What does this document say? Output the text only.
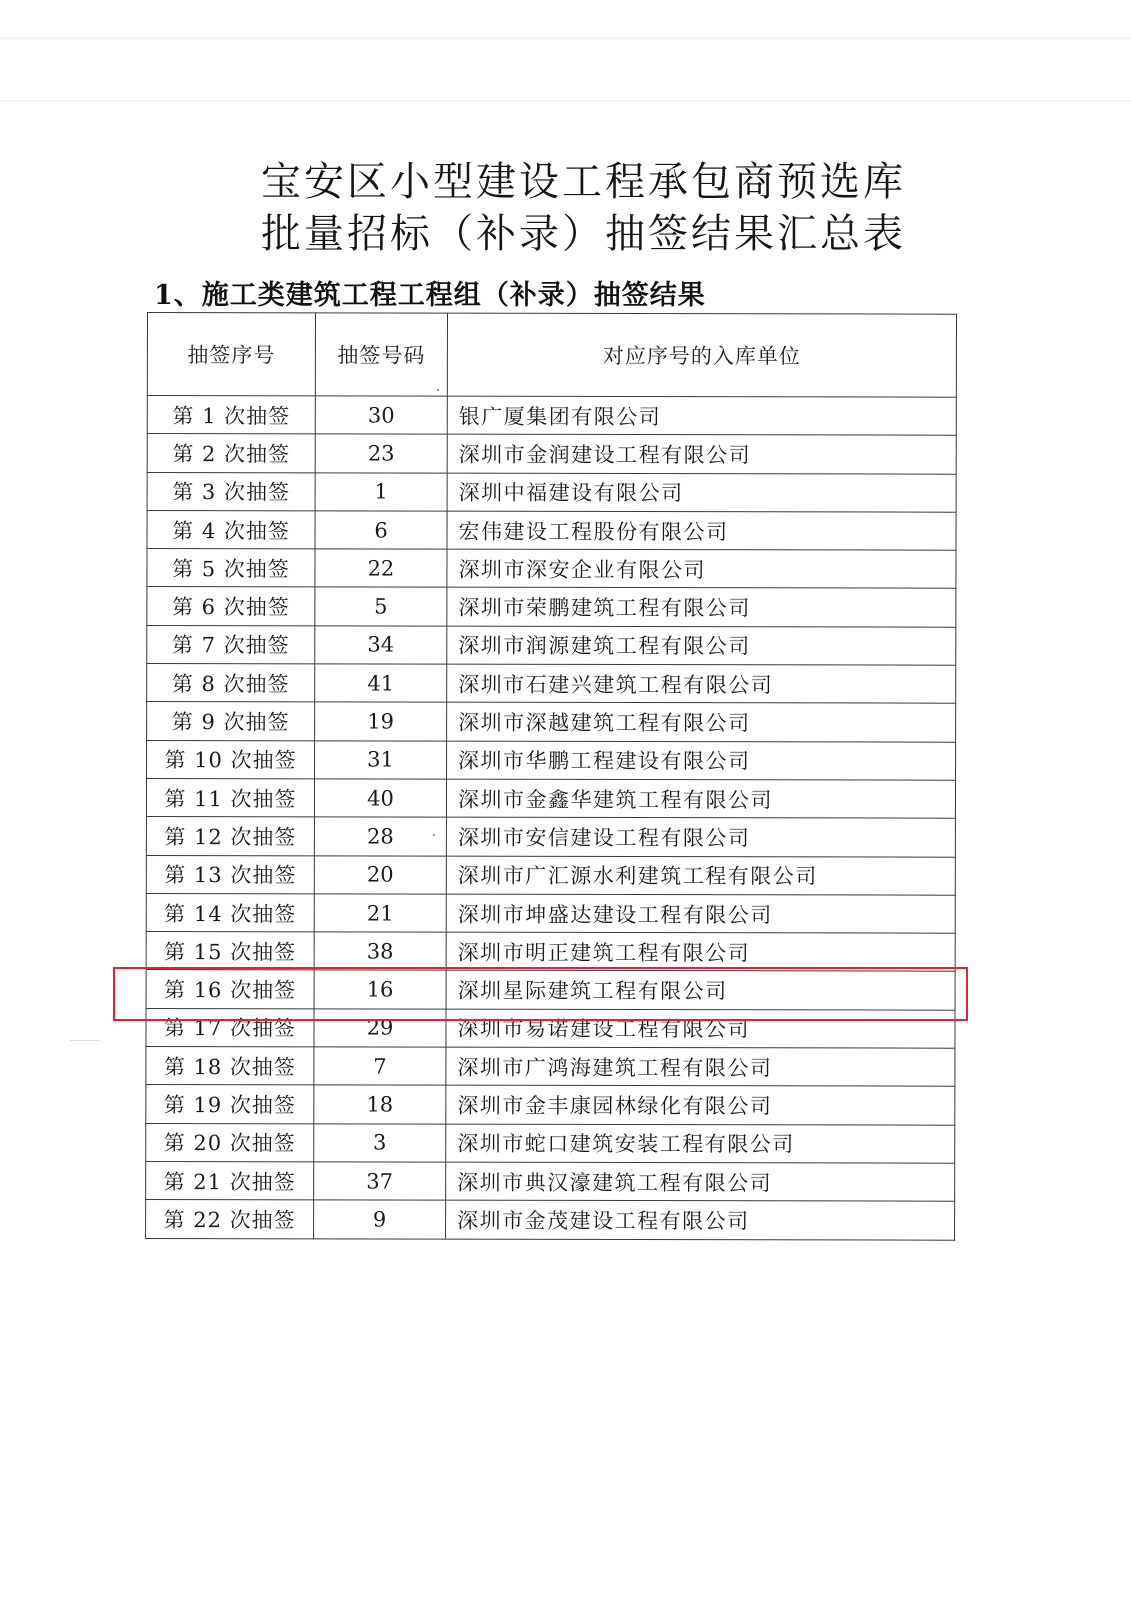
宝安区小型建设工程承包商预选库
批量招标（补录）抽签结果汇总表
1、施工类建筑工程工程组（补录）抽签结果
抽签序号	抽签号码	对应序号的入库单位
第 1 次抽签	30	银广厦集团有限公司
第 2 次抽签	23	深圳市金润建设工程有限公司
第 3 次抽签	1	深圳中福建设有限公司
第 4 次抽签	6	宏伟建设工程股份有限公司
第 5 次抽签	22	深圳市深安企业有限公司
第 6 次抽签	5	深圳市荣鹏建筑工程有限公司
第 7 次抽签	34	深圳市润源建筑工程有限公司
第 8 次抽签	41	深圳市石建兴建筑工程有限公司
第 9 次抽签	19	深圳市深越建筑工程有限公司
第 10 次抽签	31	深圳市华鹏工程建设有限公司
第 11 次抽签	40	深圳市金鑫华建筑工程有限公司
第 12 次抽签	28	深圳市安信建设工程有限公司
第 13 次抽签	20	深圳市广汇源水利建筑工程有限公司
第 14 次抽签	21	深圳市坤盛达建设工程有限公司
第 15 次抽签	38	深圳市明正建筑工程有限公司
第 16 次抽签	16	深圳星际建筑工程有限公司
第 17 次抽签	29	深圳市易诺建设工程有限公司
第 18 次抽签	7	深圳市广鸿海建筑工程有限公司
第 19 次抽签	18	深圳市金丰康园林绿化有限公司
第 20 次抽签	3	深圳市蛇口建筑安装工程有限公司
第 21 次抽签	37	深圳市典汉濠建筑工程有限公司
第 22 次抽签	9	深圳市金茂建设工程有限公司
